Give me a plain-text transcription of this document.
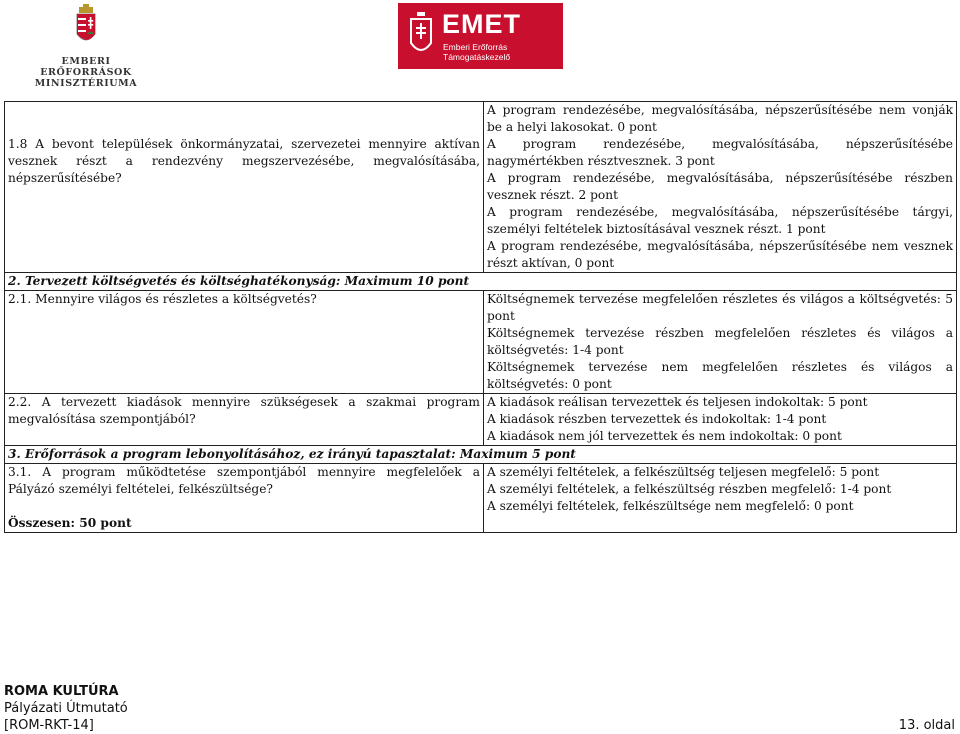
EMBERI ERŐFORRÁSOK
MINISZTÉRIUMA
EMET
Emberi Erőforrás
Támogatáskezelő
1.8 A bevont települések önkormányzatai, szervezetei mennyire aktívan vesznek részt a rendezvény megszervezésébe, megvalósításába, népszerűsítésébe?	A program rendezésébe, megvalósításába, népszerűsítésébe nem vonják be a helyi lakosokat. 0 pont
A program rendezésébe, megvalósításába, népszerűsítésébe nagymértékben résztvesznek. 3 pont
A program rendezésébe, megvalósításába, népszerűsítésébe részben vesznek részt. 2 pont
A program rendezésébe, megvalósításába, népszerűsítésébe tárgyi, személyi feltételek biztosításával vesznek részt. 1 pont
A program rendezésébe, megvalósításába, népszerűsítésébe nem vesznek részt aktívan, 0 pont

2. Tervezett költségvetés és költséghatékonyság: Maximum 10 pont	
2.1. Mennyire világos és részletes a költségvetés?	Költségnemek tervezése megfelelően részletes és világos a költségvetés: 5 pont
Költségnemek tervezése részben megfelelően részletes és világos a költségvetés: 1-4 pont
Költségnemek tervezése nem megfelelően részletes és világos a költségvetés: 0 pont

2.2. A tervezett kiadások mennyire szükségesek a szakmai program megvalósítása szempontjából?	A kiadások reálisan tervezettek és teljesen indokoltak: 5 pont
A kiadások részben tervezettek és indokoltak: 1-4 pont
A kiadások nem jól tervezettek és nem indokoltak: 0 pont

3. Erőforrások a program lebonyolításához, ez irányú tapasztalat: Maximum 5 pont	

3.1. A program működtetése szempontjából mennyire megfelelőek a Pályázó személyi feltételei, felkészültsége?
Összesen: 50 pont	A személyi feltételek, a felkészültség teljesen megfelelő: 5 pont
A személyi feltételek, a felkészültség részben megfelelő: 1-4 pont
A személyi feltételek, felkészültsége nem megfelelő: 0 pont
ROMA KULTÚRA
Pályázati Útmutató
[ROM-RKT-14]	13. oldal
